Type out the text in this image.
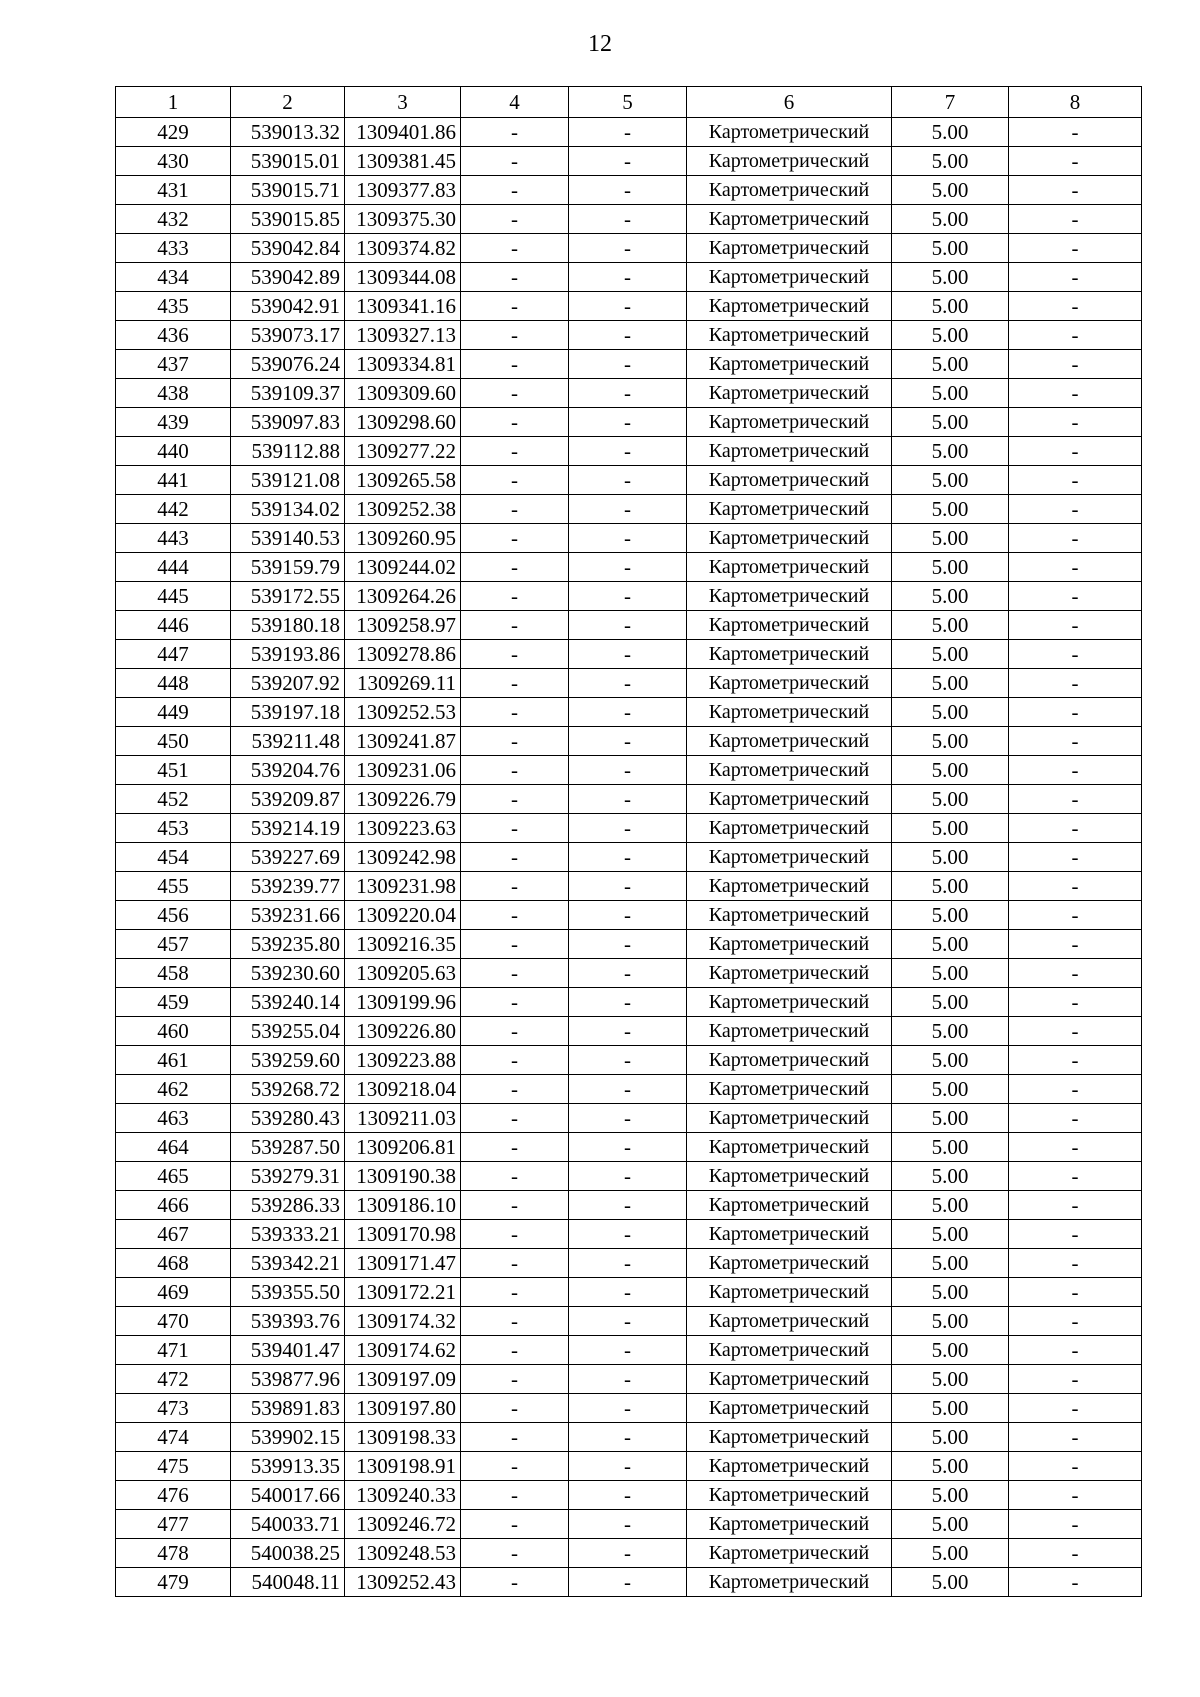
12
1	2	3	4	5	6	7	8
429	539013.32	1309401.86	-	-	Картометрический	5.00	-
430	539015.01	1309381.45	-	-	Картометрический	5.00	-
431	539015.71	1309377.83	-	-	Картометрический	5.00	-
432	539015.85	1309375.30	-	-	Картометрический	5.00	-
433	539042.84	1309374.82	-	-	Картометрический	5.00	-
434	539042.89	1309344.08	-	-	Картометрический	5.00	-
435	539042.91	1309341.16	-	-	Картометрический	5.00	-
436	539073.17	1309327.13	-	-	Картометрический	5.00	-
437	539076.24	1309334.81	-	-	Картометрический	5.00	-
438	539109.37	1309309.60	-	-	Картометрический	5.00	-
439	539097.83	1309298.60	-	-	Картометрический	5.00	-
440	539112.88	1309277.22	-	-	Картометрический	5.00	-
441	539121.08	1309265.58	-	-	Картометрический	5.00	-
442	539134.02	1309252.38	-	-	Картометрический	5.00	-
443	539140.53	1309260.95	-	-	Картометрический	5.00	-
444	539159.79	1309244.02	-	-	Картометрический	5.00	-
445	539172.55	1309264.26	-	-	Картометрический	5.00	-
446	539180.18	1309258.97	-	-	Картометрический	5.00	-
447	539193.86	1309278.86	-	-	Картометрический	5.00	-
448	539207.92	1309269.11	-	-	Картометрический	5.00	-
449	539197.18	1309252.53	-	-	Картометрический	5.00	-
450	539211.48	1309241.87	-	-	Картометрический	5.00	-
451	539204.76	1309231.06	-	-	Картометрический	5.00	-
452	539209.87	1309226.79	-	-	Картометрический	5.00	-
453	539214.19	1309223.63	-	-	Картометрический	5.00	-
454	539227.69	1309242.98	-	-	Картометрический	5.00	-
455	539239.77	1309231.98	-	-	Картометрический	5.00	-
456	539231.66	1309220.04	-	-	Картометрический	5.00	-
457	539235.80	1309216.35	-	-	Картометрический	5.00	-
458	539230.60	1309205.63	-	-	Картометрический	5.00	-
459	539240.14	1309199.96	-	-	Картометрический	5.00	-
460	539255.04	1309226.80	-	-	Картометрический	5.00	-
461	539259.60	1309223.88	-	-	Картометрический	5.00	-
462	539268.72	1309218.04	-	-	Картометрический	5.00	-
463	539280.43	1309211.03	-	-	Картометрический	5.00	-
464	539287.50	1309206.81	-	-	Картометрический	5.00	-
465	539279.31	1309190.38	-	-	Картометрический	5.00	-
466	539286.33	1309186.10	-	-	Картометрический	5.00	-
467	539333.21	1309170.98	-	-	Картометрический	5.00	-
468	539342.21	1309171.47	-	-	Картометрический	5.00	-
469	539355.50	1309172.21	-	-	Картометрический	5.00	-
470	539393.76	1309174.32	-	-	Картометрический	5.00	-
471	539401.47	1309174.62	-	-	Картометрический	5.00	-
472	539877.96	1309197.09	-	-	Картометрический	5.00	-
473	539891.83	1309197.80	-	-	Картометрический	5.00	-
474	539902.15	1309198.33	-	-	Картометрический	5.00	-
475	539913.35	1309198.91	-	-	Картометрический	5.00	-
476	540017.66	1309240.33	-	-	Картометрический	5.00	-
477	540033.71	1309246.72	-	-	Картометрический	5.00	-
478	540038.25	1309248.53	-	-	Картометрический	5.00	-
479	540048.11	1309252.43	-	-	Картометрический	5.00	-
